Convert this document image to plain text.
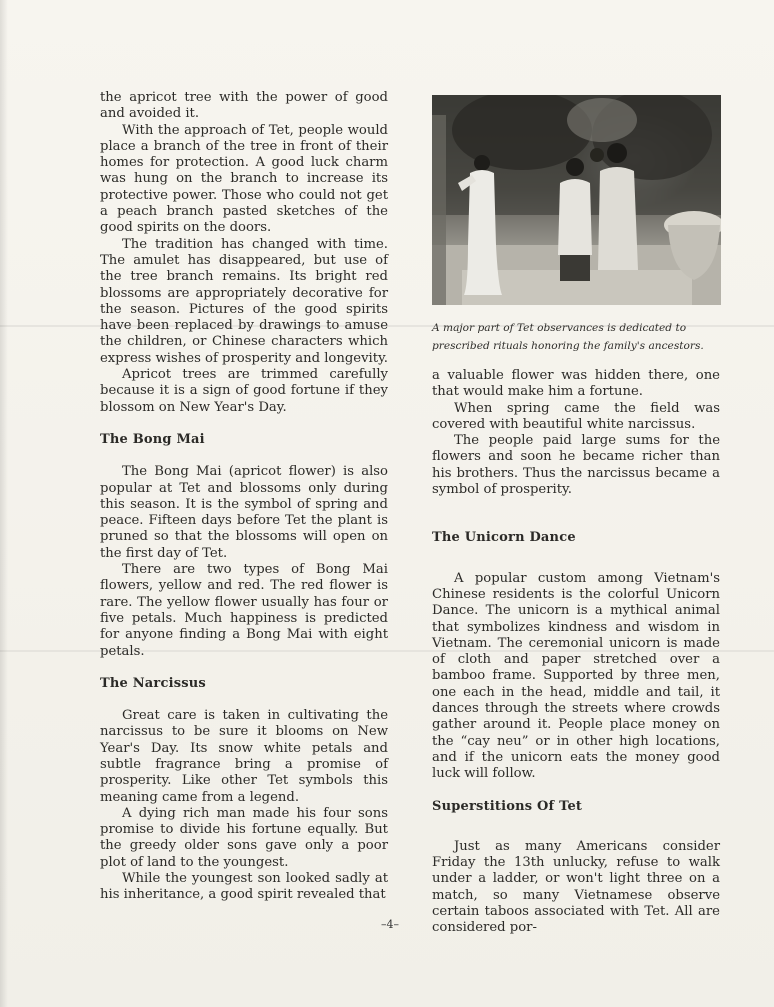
the apricot tree with the power of good and avoided it.

With the approach of Tet, people would place a branch of the tree in front of their homes for protection. A good luck charm was hung on the branch to increase its protective power. Those who could not get a peach branch pasted sketches of the good spirits on the doors.

The tradition has changed with time. The amulet has disappeared, but use of the tree branch remains. Its bright red blossoms are appropriately decorative for the season. Pictures of the good spirits have been replaced by drawings to amuse the children, or Chinese characters which express wishes of prosperity and longevity.

Apricot trees are trimmed carefully because it is a sign of good fortune if they blossom on New Year's Day.

The Bong Mai

The Bong Mai (apricot flower) is also popular at Tet and blossoms only during this season. It is the symbol of spring and peace. Fifteen days before Tet the plant is pruned so that the blossoms will open on the first day of Tet.

There are two types of Bong Mai flowers, yellow and red. The red flower is rare. The yellow flower usually has four or five petals. Much happiness is predicted for anyone finding a Bong Mai with eight petals.

The Narcissus

Great care is taken in cultivating the narcissus to be sure it blooms on New Year's Day. Its snow white petals and subtle fragrance bring a promise of prosperity. Like other Tet symbols this meaning came from a legend.

A dying rich man made his four sons promise to divide his fortune equally. But the greedy older sons gave only a poor plot of land to the youngest.

While the youngest son looked sadly at his inheritance, a good spirit revealed that

A major part of Tet observances is dedicated to
prescribed rituals honoring the family's ancestors.

a valuable flower was hidden there, one that would make him a fortune.

When spring came the field was covered with beautiful white narcissus.

The people paid large sums for the flowers and soon he became richer than his brothers. Thus the narcissus became a symbol of prosperity.

The Unicorn Dance

A popular custom among Vietnam's Chinese residents is the colorful Unicorn Dance. The unicorn is a mythical animal that symbolizes kindness and wisdom in Vietnam. The ceremonial unicorn is made of cloth and paper stretched over a bamboo frame. Supported by three men, one each in the head, middle and tail, it dances through the streets where crowds gather around it. People place money on the “cay neu” or in other high locations, and if the unicorn eats the money good luck will follow.

Superstitions Of Tet

Just as many Americans consider Friday the 13th unlucky, refuse to walk under a ladder, or won't light three on a match, so many Vietnamese observe certain taboos associated with Tet. All are considered por-

–4–
